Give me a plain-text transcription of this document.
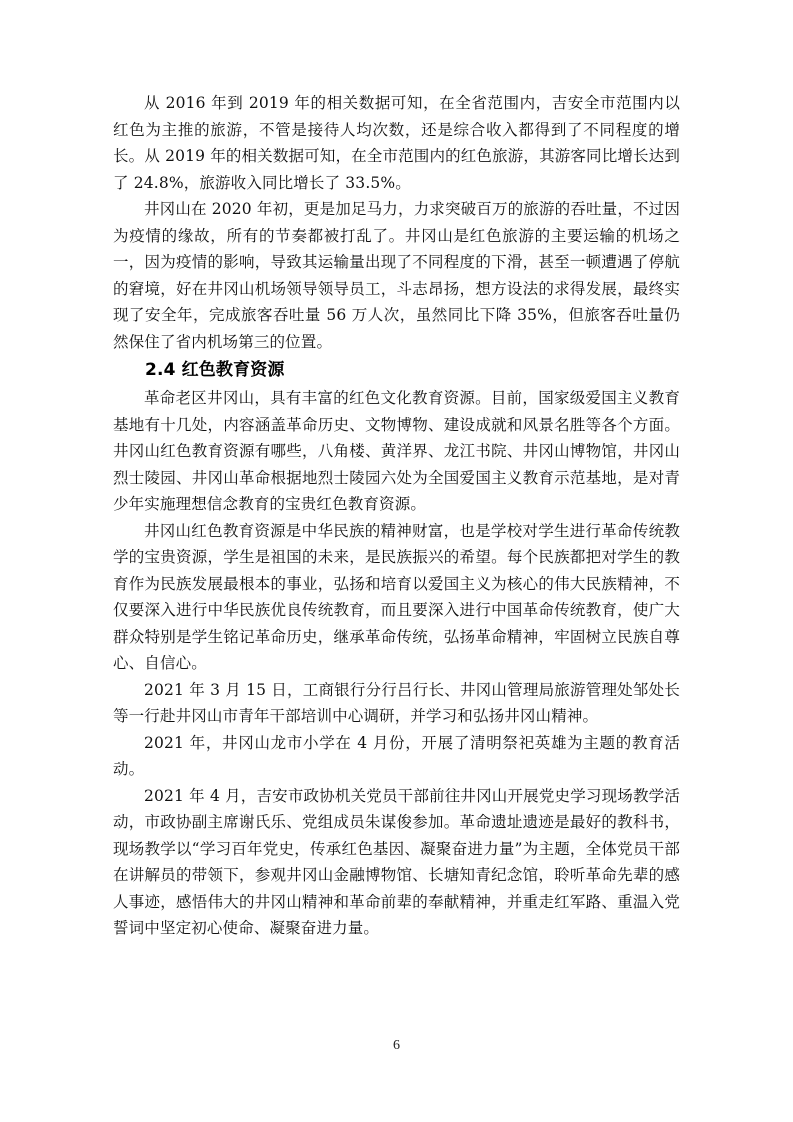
从 2016 年到 2019 年的相关数据可知，在全省范围内，吉安全市范围内以红色为主推的旅游，不管是接待人均次数，还是综合收入都得到了不同程度的增长。从 2019 年的相关数据可知，在全市范围内的红色旅游，其游客同比增长达到了 24.8%，旅游收入同比增长了 33.5%。

井冈山在 2020 年初，更是加足马力，力求突破百万的旅游的吞吐量，不过因为疫情的缘故，所有的节奏都被打乱了。井冈山是红色旅游的主要运输的机场之一，因为疫情的影响，导致其运输量出现了不同程度的下滑，甚至一顿遭遇了停航的窘境，好在井冈山机场领导领导员工，斗志昂扬，想方设法的求得发展，最终实现了安全年，完成旅客吞吐量 56 万人次，虽然同比下降 35%，但旅客吞吐量仍然保住了省内机场第三的位置。

2.4 红色教育资源

革命老区井冈山，具有丰富的红色文化教育资源。目前，国家级爱国主义教育基地有十几处，内容涵盖革命历史、文物博物、建设成就和风景名胜等各个方面。井冈山红色教育资源有哪些，八角楼、黄洋界、龙江书院、井冈山博物馆，井冈山烈士陵园、井冈山革命根据地烈士陵园六处为全国爱国主义教育示范基地，是对青少年实施理想信念教育的宝贵红色教育资源。

井冈山红色教育资源是中华民族的精神财富，也是学校对学生进行革命传统教学的宝贵资源，学生是祖国的未来，是民族振兴的希望。每个民族都把对学生的教育作为民族发展最根本的事业，弘扬和培育以爱国主义为核心的伟大民族精神，不仅要深入进行中华民族优良传统教育，而且要深入进行中国革命传统教育，使广大群众特别是学生铭记革命历史，继承革命传统，弘扬革命精神，牢固树立民族自尊心、自信心。

2021 年 3 月 15 日，工商银行分行吕行长、井冈山管理局旅游管理处邹处长等一行赴井冈山市青年干部培训中心调研，并学习和弘扬井冈山精神。

2021 年，井冈山龙市小学在 4 月份，开展了清明祭祀英雄为主题的教育活动。

2021 年 4 月，吉安市政协机关党员干部前往井冈山开展党史学习现场教学活动，市政协副主席谢氏乐、党组成员朱谋俊参加。革命遗址遗迹是最好的教科书，现场教学以“学习百年党史，传承红色基因、凝聚奋进力量”为主题，全体党员干部在讲解员的带领下，参观井冈山金融博物馆、长塘知青纪念馆，聆听革命先辈的感人事迹，感悟伟大的井冈山精神和革命前辈的奉献精神，并重走红军路、重温入党誓词中坚定初心使命、凝聚奋进力量。

6
